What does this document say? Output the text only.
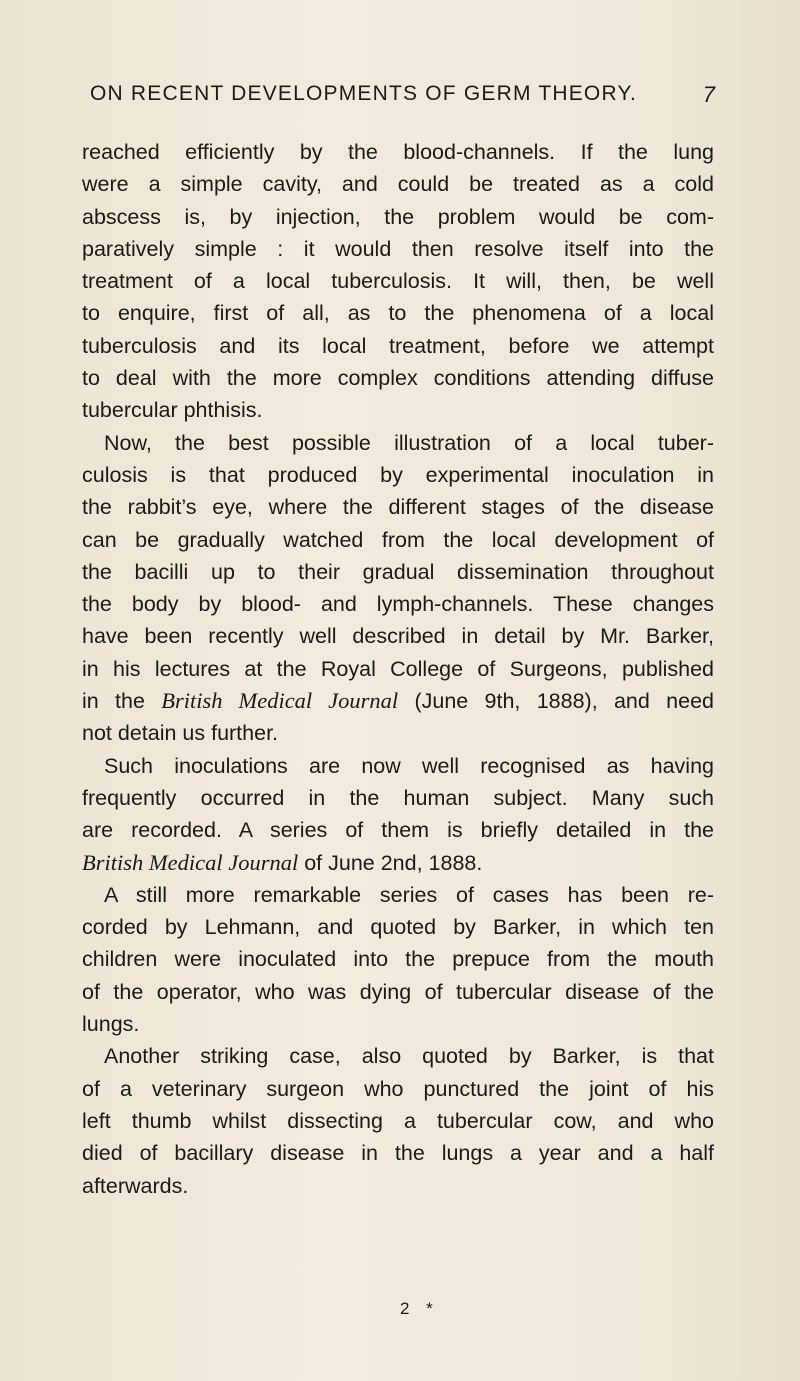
ON RECENT DEVELOPMENTS OF GERM THEORY.	7
reached efficiently by the blood-channels. If the lung
were a simple cavity, and could be treated as a cold
abscess is, by injection, the problem would be com-
paratively simple : it would then resolve itself into the
treatment of a local tuberculosis. It will, then, be well
to enquire, first of all, as to the phenomena of a local
tuberculosis and its local treatment, before we attempt
to deal with the more complex conditions attending diffuse
tubercular phthisis.
Now, the best possible illustration of a local tuber-
culosis is that produced by experimental inoculation in
the rabbit’s eye, where the different stages of the disease
can be gradually watched from the local development of
the bacilli up to their gradual dissemination throughout
the body by blood- and lymph-channels. These changes
have been recently well described in detail by Mr. Barker,
in his lectures at the Royal College of Surgeons, published
in the British Medical Journal (June 9th, 1888), and need
not detain us further.
Such inoculations are now well recognised as having
frequently occurred in the human subject. Many such
are recorded. A series of them is briefly detailed in the
British Medical Journal of June 2nd, 1888.
A still more remarkable series of cases has been re-
corded by Lehmann, and quoted by Barker, in which ten
children were inoculated into the prepuce from the mouth
of the operator, who was dying of tubercular disease of the
lungs.
Another striking case, also quoted by Barker, is that
of a veterinary surgeon who punctured the joint of his
left thumb whilst dissecting a tubercular cow, and who
died of bacillary disease in the lungs a year and a half
afterwards.
2 *
